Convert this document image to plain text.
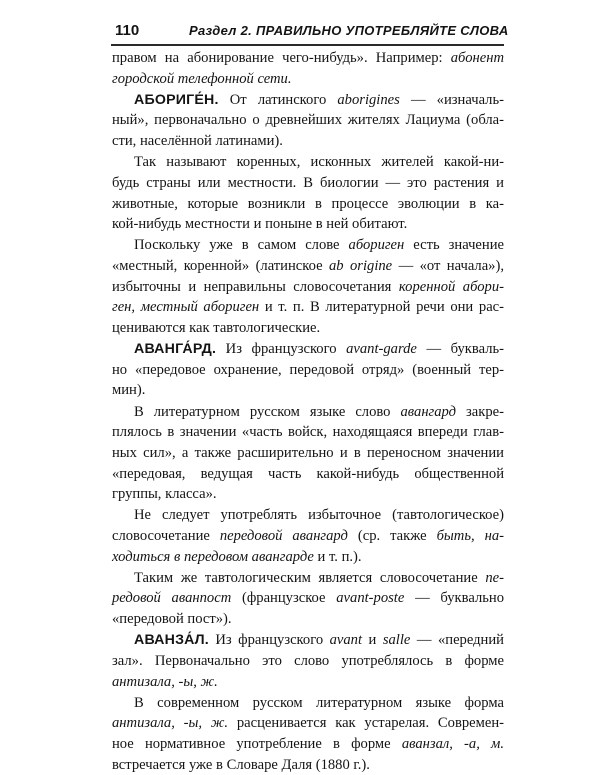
110	Раздел 2. ПРАВИЛЬНО УПОТРЕБЛЯЙТЕ СЛОВА

правом на абонирование чего-нибудь». Например: абонент

городской телефонной сети.

АБОРИГЕ́Н. От латинского aborigines — «изначаль-

ный», первоначально о древнейших жителях Лациума (обла-

сти, населённой латинами).

Так называют коренных, исконных жителей какой-ни-

будь страны или местности. В биологии — это растения и

животные, которые возникли в процессе эволюции в ка-

кой-нибудь местности и поныне в ней обитают.

Поскольку уже в самом слове абориген есть значение

«местный, коренной» (латинское ab origine — «от начала»),

избыточны и неправильны словосочетания коренной абори-

ген, местный абориген и т. п. В литературной речи они рас-

цениваются как тавтологические.

АВАНГА́РД. Из французского avant-garde — букваль-

но «передовое охранение, передовой отряд» (военный тер-

мин).

В литературном русском языке слово авангард закре-

плялось в значении «часть войск, находящаяся впереди глав-

ных сил», а также расширительно и в переносном значении

«передовая, ведущая часть какой-нибудь общественной

группы, класса».

Не следует употреблять избыточное (тавтологическое)

словосочетание передовой авангард (ср. также быть, на-

ходиться в передовом авангарде и т. п.).

Таким же тавтологическим является словосочетание пе-

редовой аванпост (французское avant-poste — буквально

«передовой пост»).

АВАНЗА́Л. Из французского avant и salle — «передний

зал». Первоначально это слово употреблялось в форме

антизала, -ы, ж.

В современном русском литературном языке форма

антизала, -ы, ж. расценивается как устарелая. Современ-

ное нормативное употребление в форме аванзал, -а, м.

встречается уже в Словаре Даля (1880 г.).
